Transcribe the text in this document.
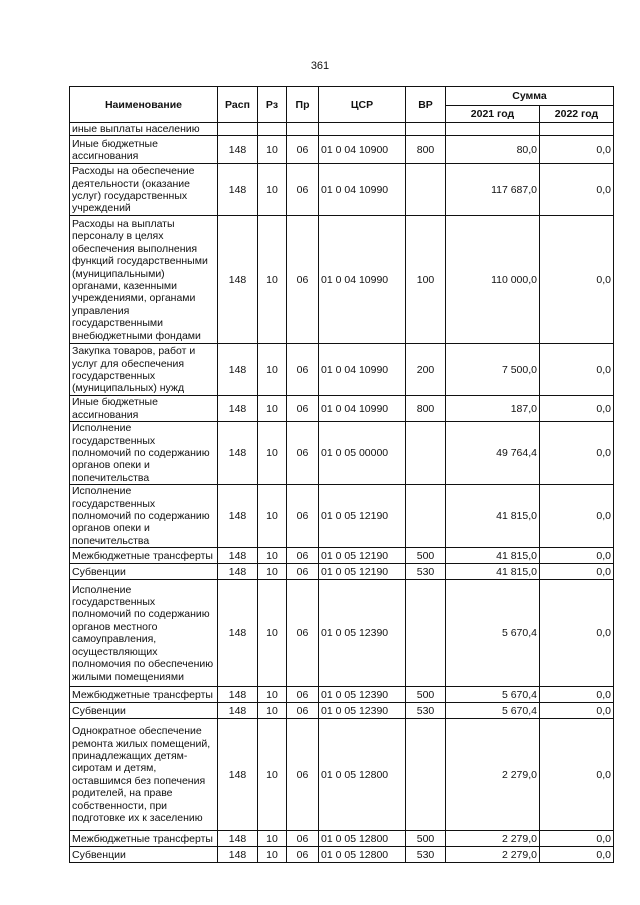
361
Наименование	Расп	Рз	Пр	ЦСР	ВР	Сумма	
						2021 год	2022 год
иные выплаты населению							
Иные бюджетные ассигнования	148	10	06	01 0 04 10900	800	80,0	0,0
Расходы на обеспечение деятельности (оказание услуг) государственных учреждений	148	10	06	01 0 04 10990		117 687,0	0,0
Расходы на выплаты персоналу в целях обеспечения выполнения функций государственными (муниципальными) органами, казенными учреждениями, органами управления государственными внебюджетными фондами	148	10	06	01 0 04 10990	100	110 000,0	0,0
Закупка товаров, работ и услуг для обеспечения государственных (муниципальных) нужд	148	10	06	01 0 04 10990	200	7 500,0	0,0
Иные бюджетные ассигнования	148	10	06	01 0 04 10990	800	187,0	0,0
Исполнение государственных полномочий по содержанию органов опеки и попечительства	148	10	06	01 0 05 00000		49 764,4	0,0
Исполнение государственных полномочий по содержанию органов опеки и попечительства	148	10	06	01 0 05 12190		41 815,0	0,0
Межбюджетные трансферты	148	10	06	01 0 05 12190	500	41 815,0	0,0
Субвенции	148	10	06	01 0 05 12190	530	41 815,0	0,0
Исполнение государственных полномочий по содержанию органов местного самоуправления, осуществляющих полномочия по обеспечению жилыми помещениями	148	10	06	01 0 05 12390		5 670,4	0,0
Межбюджетные трансферты	148	10	06	01 0 05 12390	500	5 670,4	0,0
Субвенции	148	10	06	01 0 05 12390	530	5 670,4	0,0
Однократное обеспечение ремонта жилых помещений, принадлежащих детям-сиротам и детям, оставшимся без попечения родителей, на праве собственности, при подготовке их к заселению	148	10	06	01 0 05 12800		2 279,0	0,0
Межбюджетные трансферты	148	10	06	01 0 05 12800	500	2 279,0	0,0
Субвенции	148	10	06	01 0 05 12800	530	2 279,0	0,0
